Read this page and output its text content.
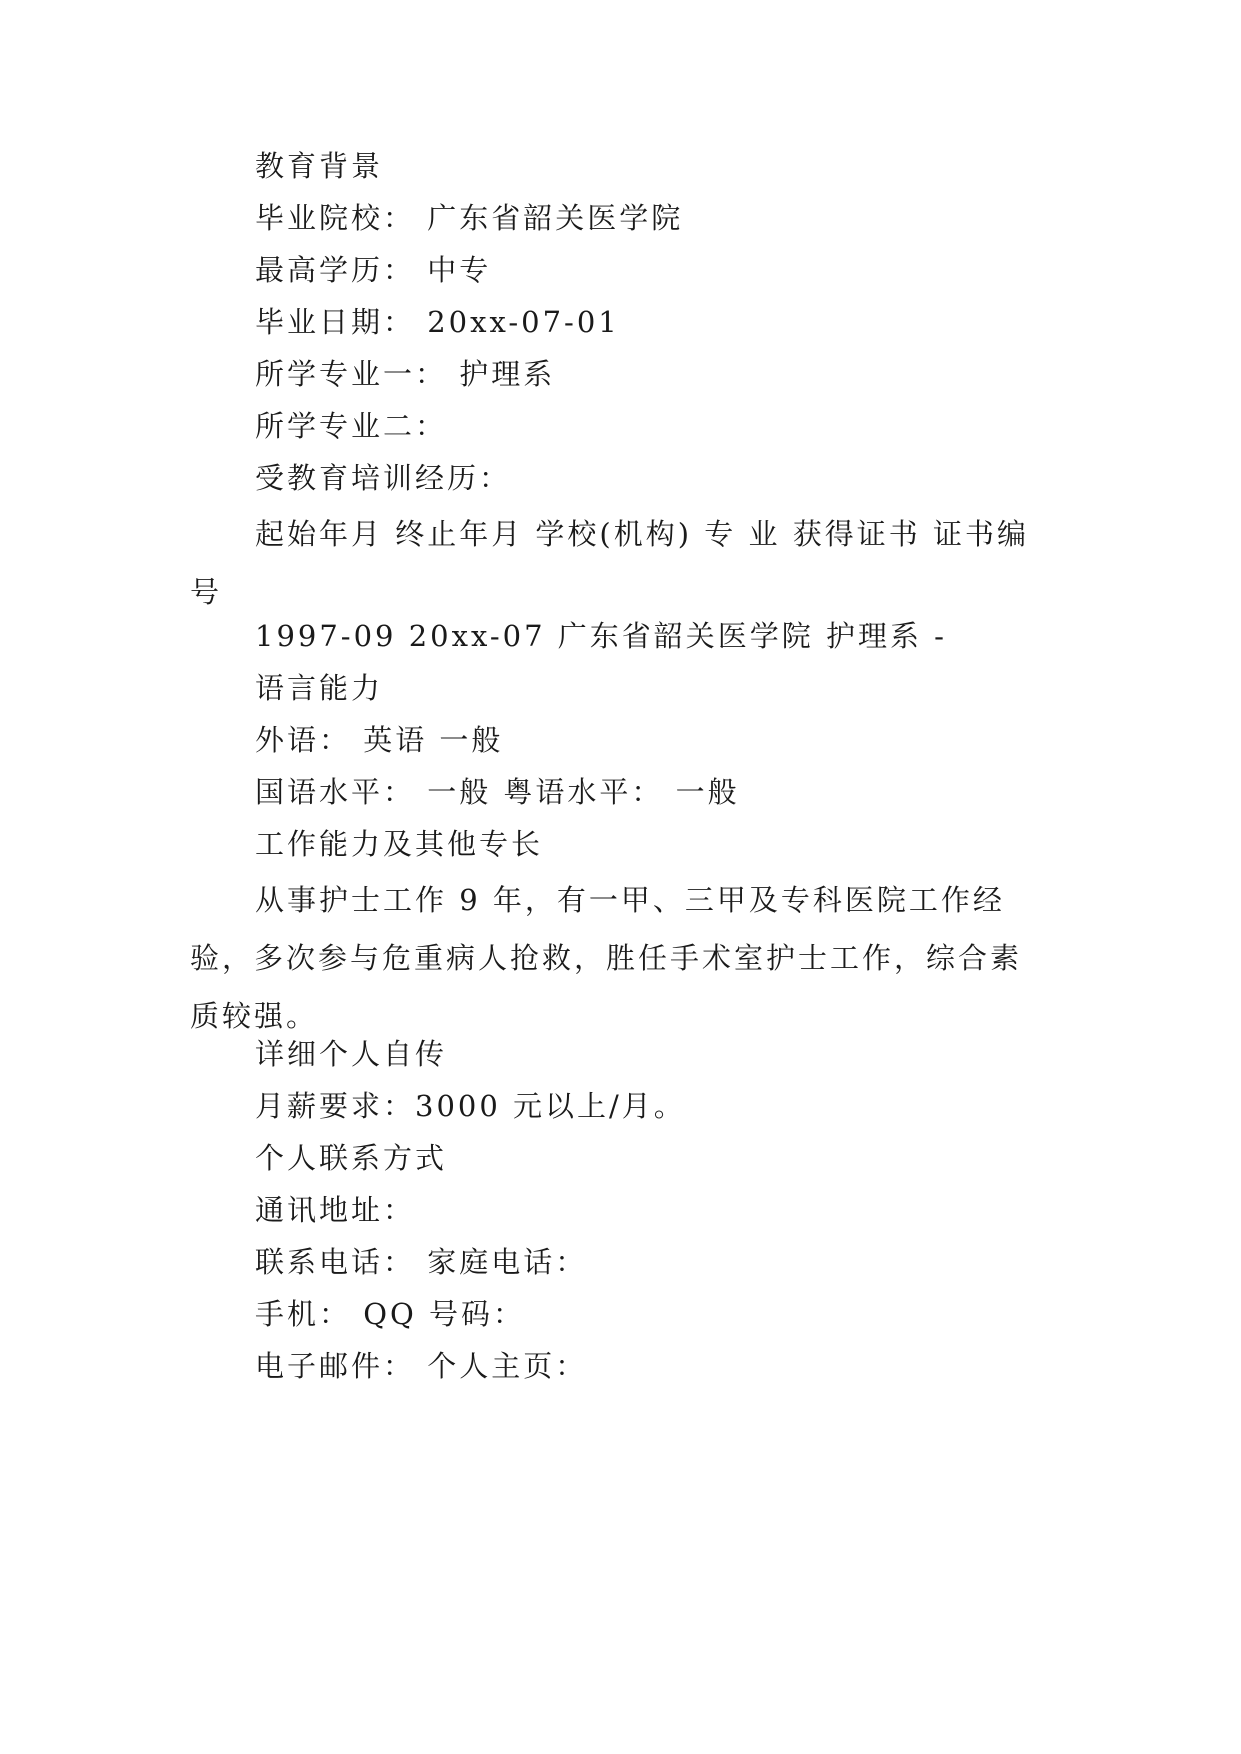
教育背景
毕业院校： 广东省韶关医学院
最高学历： 中专
毕业日期： 20xx-07-01
所学专业一： 护理系
所学专业二：
受教育培训经历：
起始年月 终止年月 学校(机构) 专 业 获得证书 证书编号
1997-09 20xx-07 广东省韶关医学院 护理系 -
语言能力
外语： 英语 一般
国语水平： 一般 粤语水平： 一般
工作能力及其他专长
从事护士工作 9 年，有一甲、三甲及专科医院工作经验，多次参与危重病人抢救，胜任手术室护士工作，综合素质较强。
详细个人自传
月薪要求：3000 元以上/月。
个人联系方式
通讯地址：
联系电话： 家庭电话：
手机： QQ 号码：
电子邮件： 个人主页：
